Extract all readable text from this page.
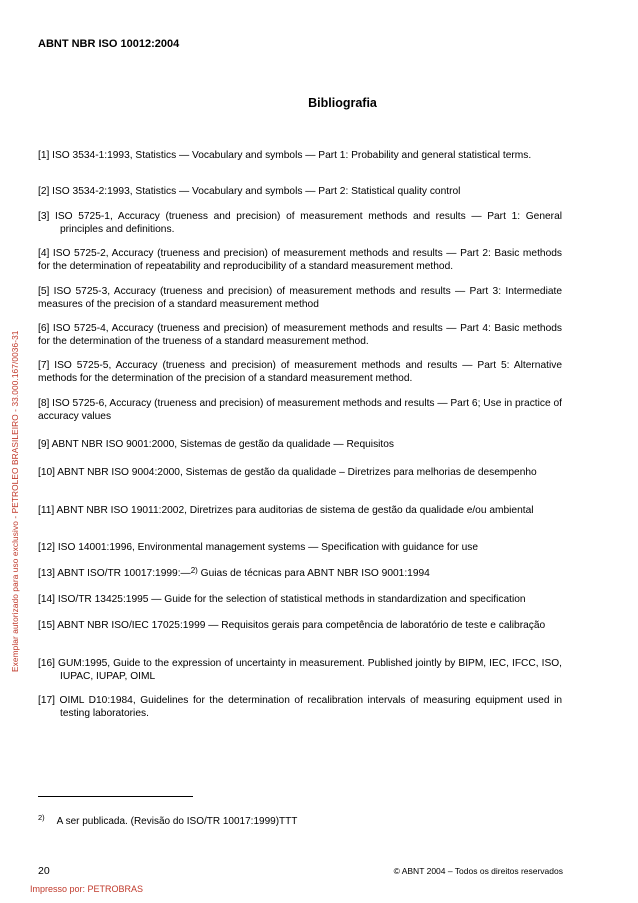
ABNT NBR ISO 10012:2004
Bibliografia

[1] ISO 3534-1:1993, Statistics — Vocabulary and symbols — Part 1: Probability and general statistical terms.

[2] ISO 3534-2:1993, Statistics — Vocabulary and symbols — Part 2: Statistical quality control

[3] ISO 5725-1, Accuracy (trueness and precision) of measurement methods and results — Part 1: General principles and definitions.

[4] ISO 5725-2, Accuracy (trueness and precision) of measurement methods and results — Part 2: Basic methods for the determination of repeatability and reproducibility of a standard measurement method.

[5] ISO 5725-3, Accuracy (trueness and precision) of measurement methods and results — Part 3: Intermediate measures of the precision of a standard measurement method

[6] ISO 5725-4, Accuracy (trueness and precision) of measurement methods and results — Part 4: Basic methods for the determination of the trueness of a standard measurement method.

[7] ISO 5725-5, Accuracy (trueness and precision) of measurement methods and results — Part 5: Alternative methods for the determination of the precision of a standard measurement method.

[8] ISO 5725-6, Accuracy (trueness and precision) of measurement methods and results — Part 6; Use in practice of accuracy values

[9] ABNT NBR ISO 9001:2000, Sistemas de gestão da qualidade — Requisitos

[10] ABNT NBR ISO 9004:2000, Sistemas de gestão da qualidade – Diretrizes para melhorias de desempenho

[11] ABNT NBR ISO 19011:2002, Diretrizes para auditorias de sistema de gestão da qualidade e/ou ambiental

[12] ISO 14001:1996, Environmental management systems — Specification with guidance for use

[13] ABNT ISO/TR 10017:1999:—$^{2)}$ Guias de técnicas para ABNT NBR ISO 9001:1994

[14] ISO/TR 13425:1995 — Guide for the selection of statistical methods in standardization and specification

[15] ABNT NBR ISO/IEC 17025:1999 — Requisitos gerais para competência de laboratório de teste e calibração

[16] GUM:1995, Guide to the expression of uncertainty in measurement. Published jointly by BIPM, IEC, IFCC, ISO, IUPAC, IUPAP, OIML

[17] OIML D10:1984, Guidelines for the determination of recalibration intervals of measuring equipment used in testing laboratories.

Exemplar autorizado para uso exclusivo - PETROLEO BRASILEIRO - 33.000.167/0036-31
$^{2)}$ A ser publicada. (Revisão do ISO/TR 10017:1999)TTT
20	© ABNT 2004 – Todos os direitos reservados
Impresso por: PETROBRAS
